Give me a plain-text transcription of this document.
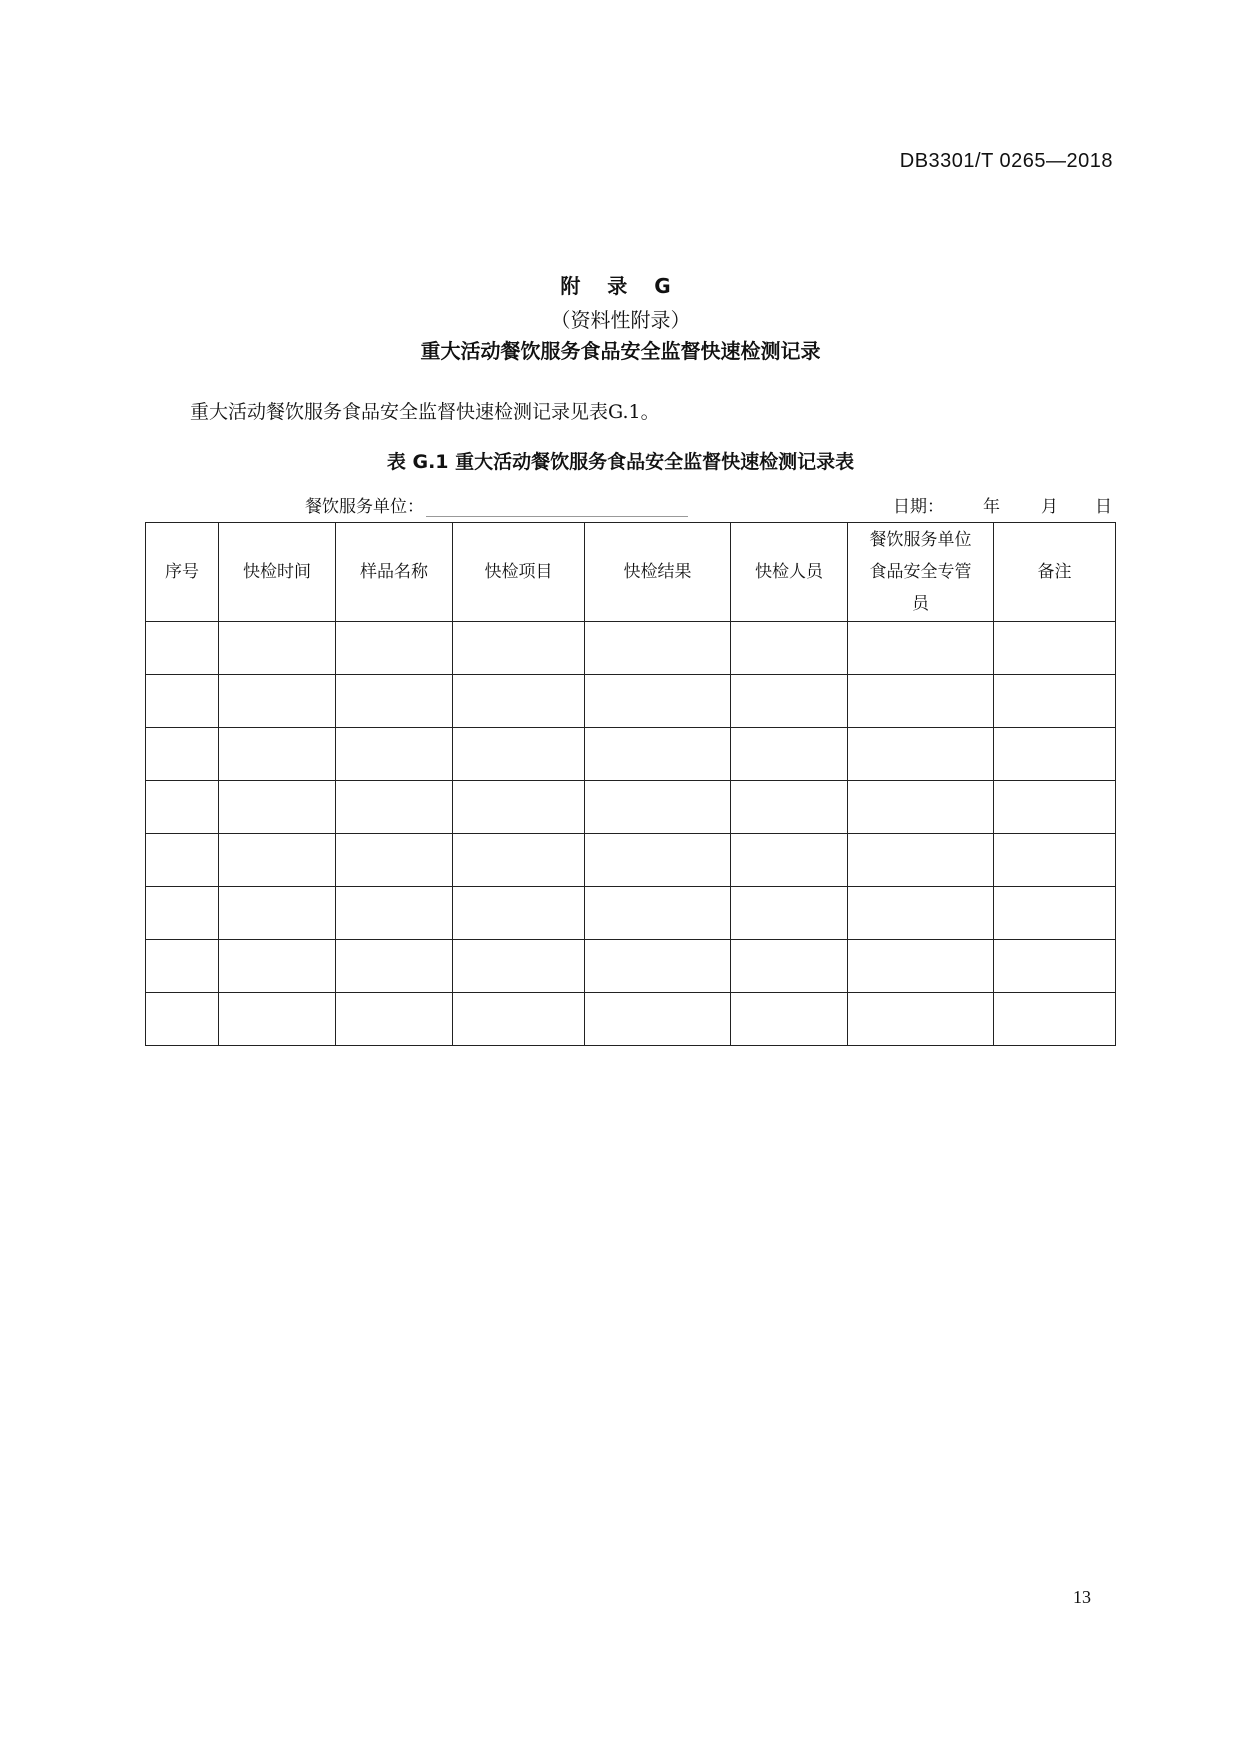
DB3301/T 0265—2018
附 录 G
（资料性附录）
重大活动餐饮服务食品安全监督快速检测记录
重大活动餐饮服务食品安全监督快速检测记录见表G.1。
表 G.1 重大活动餐饮服务食品安全监督快速检测记录表
餐饮服务单位：	日期：	年	月	日
序号	快检时间	样品名称	快检项目	快检结果	快检人员	餐饮服务单位食品安全专管员	备注

13
